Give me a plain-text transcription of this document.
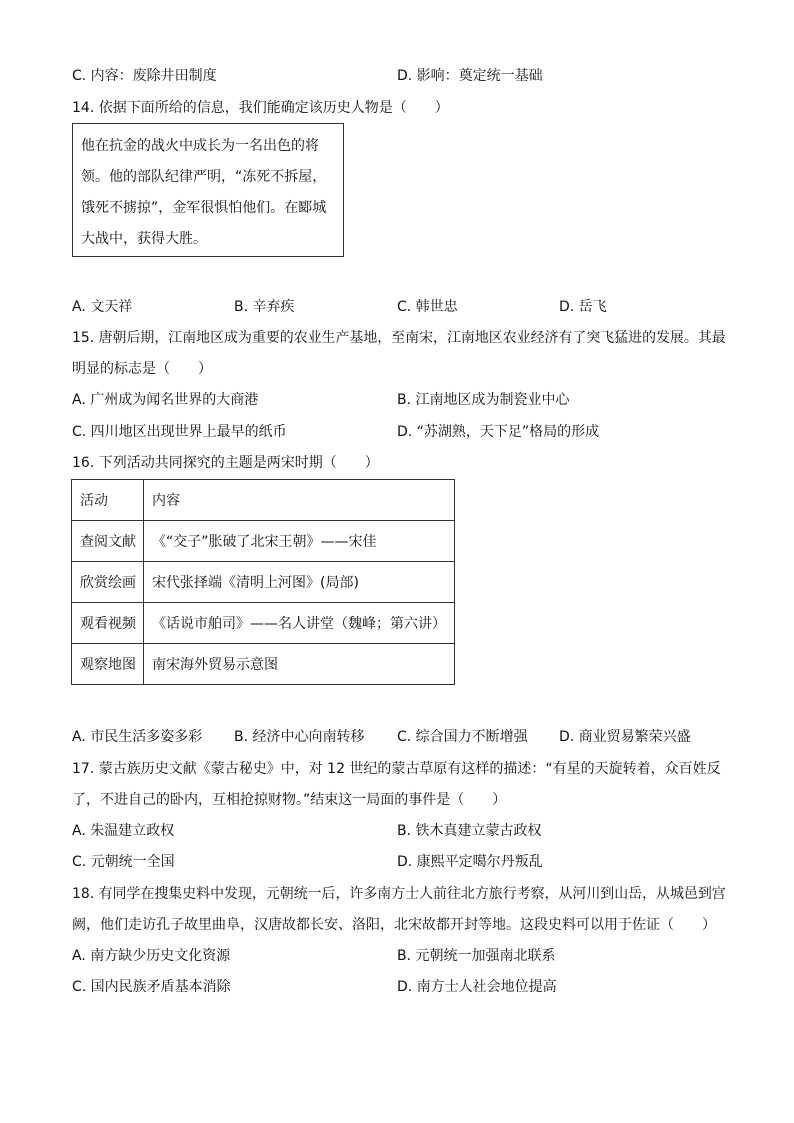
C. 内容：废除井田制度	D. 影响：奠定统一基础
14. 依据下面所给的信息，我们能确定该历史人物是（　　）
他在抗金的战火中成长为一名出色的将
领。他的部队纪律严明，“冻死不拆屋，
饿死不掳掠”，金军很惧怕他们。在郾城
大战中，获得大胜。
A. 文天祥	B. 辛弃疾	C. 韩世忠	D. 岳飞
15. 唐朝后期，江南地区成为重要的农业生产基地，至南宋，江南地区农业经济有了突飞猛进的发展。其最
明显的标志是（　　）
A. 广州成为闻名世界的大商港	B. 江南地区成为制瓷业中心
C. 四川地区出现世界上最早的纸币	D. “苏湖熟，天下足”格局的形成
16. 下列活动共同探究的主题是两宋时期（　　）
活动	内容
查阅文献	《“交子”胀破了北宋王朝》——宋佳
欣赏绘画	宋代张择端《清明上河图》(局部)
观看视频	《话说市舶司》——名人讲堂（魏峰；第六讲）
观察地图	南宋海外贸易示意图
A. 市民生活多姿多彩 B. 经济中心向南转移 C. 综合国力不断增强 D. 商业贸易繁荣兴盛
17. 蒙古族历史文献《蒙古秘史》中，对 12 世纪的蒙古草原有这样的描述：“有星的天旋转着，众百姓反
了，不进自己的卧内，互相抢掠财物。”结束这一局面的事件是（　　）
A. 朱温建立政权	B. 铁木真建立蒙古政权
C. 元朝统一全国	D. 康熙平定噶尔丹叛乱
18. 有同学在搜集史料中发现，元朝统一后，许多南方士人前往北方旅行考察，从河川到山岳，从城邑到宫
阙，他们走访孔子故里曲阜，汉唐故都长安、洛阳，北宋故都开封等地。这段史料可以用于佐证（　　）
A. 南方缺少历史文化资源	B. 元朝统一加强南北联系
C. 国内民族矛盾基本消除	D. 南方士人社会地位提高
